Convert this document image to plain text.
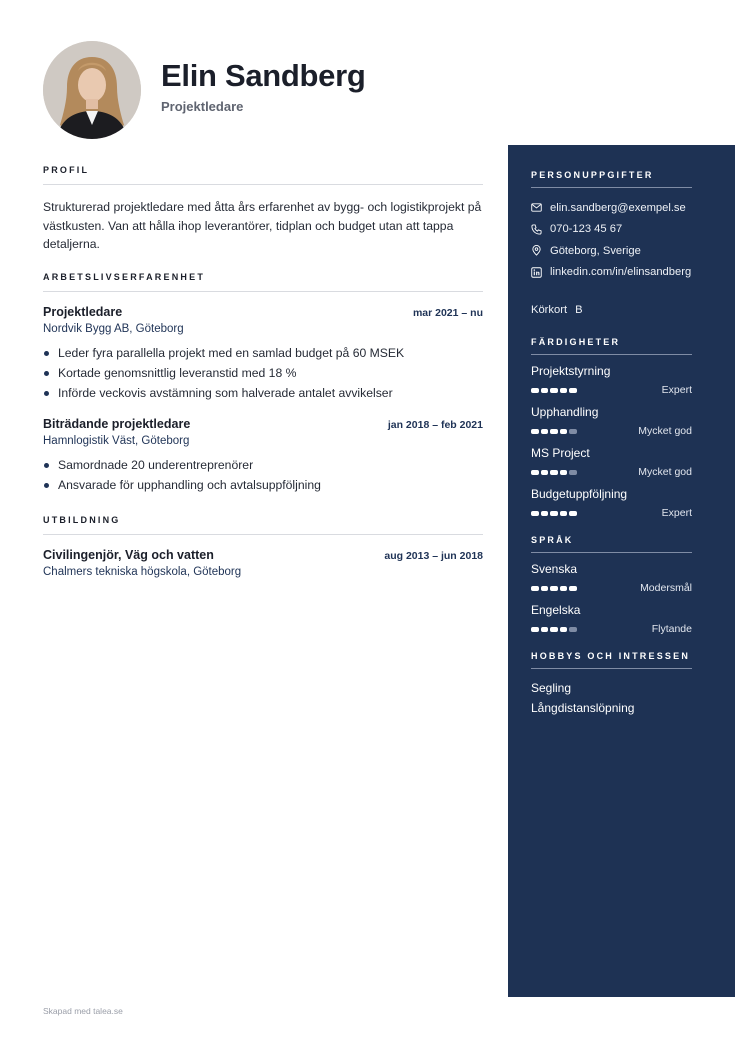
Elin Sandberg
Projektledare
PROFIL
Strukturerad projektledare med åtta års erfarenhet av bygg- och logistikprojekt på västkusten. Van att hålla ihop leverantörer, tidplan och budget utan att tappa detaljerna.
ARBETSLIVSERFARENHET
Projektledare	mar 2021 – nu
Nordvik Bygg AB, Göteborg
Leder fyra parallella projekt med en samlad budget på 60 MSEK
Kortade genomsnittlig leveranstid med 18 %
Införde veckovis avstämning som halverade antalet avvikelser
Biträdande projektledare	jan 2018 – feb 2021
Hamnlogistik Väst, Göteborg
Samordnade 20 underentreprenörer
Ansvarade för upphandling och avtalsuppföljning
UTBILDNING
Civilingenjör, Väg och vatten	aug 2013 – jun 2018
Chalmers tekniska högskola, Göteborg
PERSONUPPGIFTER
elin.sandberg@exempel.se
070-123 45 67
Göteborg, Sverige
linkedin.com/in/elinsandberg
Körkort B
FÄRDIGHETER
Projektstyrning
Expert
Upphandling
Mycket god
MS Project
Mycket god
Budgetuppföljning
Expert
SPRÅK
Svenska
Modersmål
Engelska
Flytande
HOBBYS OCH INTRESSEN
Segling
Långdistanslöpning
Skapad med talea.se
